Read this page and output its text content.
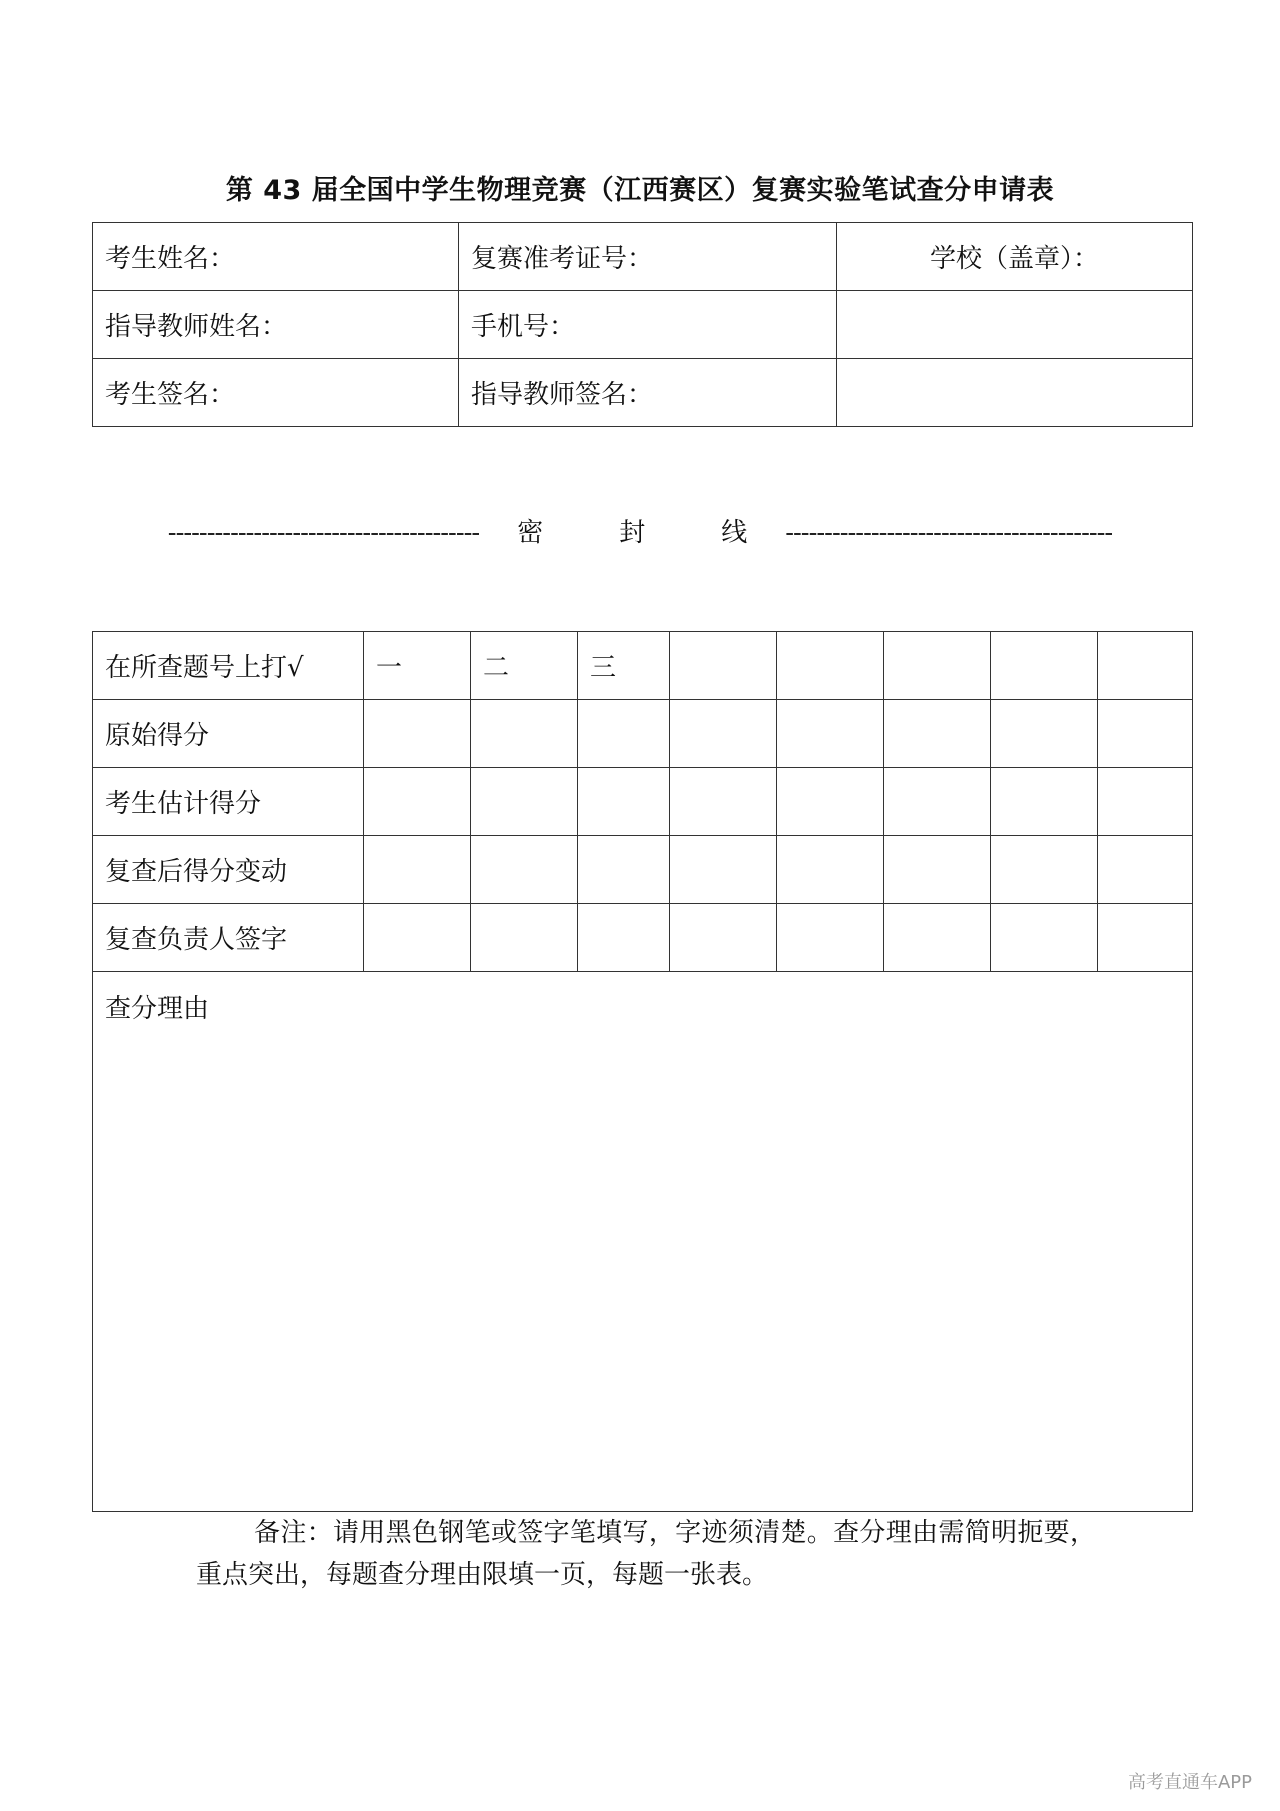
第 43 届全国中学生物理竞赛（江西赛区）复赛实验笔试查分申请表
考生姓名：	复赛准考证号：	学校（盖章）：
指导教师姓名：	手机号：	
考生签名：	指导教师签名：	
---------------------------------------- 密	封	线 ------------------------------------------
在所查题号上打√	一	二	三					
原始得分								
考生估计得分								
复查后得分变动								
复查负责人签字								
查分理由								
备注：请用黑色钢笔或签字笔填写，字迹须清楚。查分理由需简明扼要，重点突出，每题查分理由限填一页，每题一张表。
高考直通车APP
